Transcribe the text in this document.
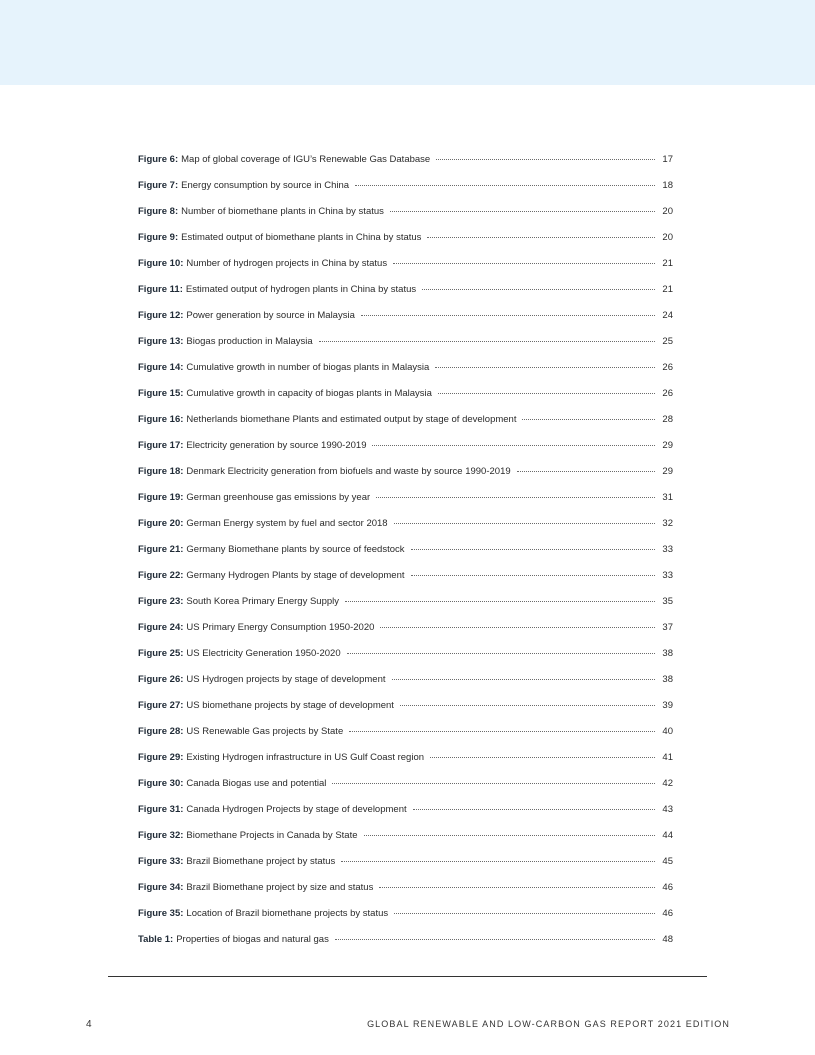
Figure 6: Map of global coverage of IGU’s Renewable Gas Database	17
Figure 7: Energy consumption by source in China	18
Figure 8: Number of biomethane plants in China by status	20
Figure 9: Estimated output of biomethane plants in China by status	20
Figure 10: Number of hydrogen projects in China by status	21
Figure 11: Estimated output of hydrogen plants in China by status	21
Figure 12: Power generation by source in Malaysia	24
Figure 13: Biogas production in Malaysia	25
Figure 14: Cumulative growth in number of biogas plants in Malaysia	26
Figure 15: Cumulative growth in capacity of biogas plants in Malaysia	26
Figure 16: Netherlands biomethane Plants and estimated output by stage of development	28
Figure 17: Electricity generation by source 1990-2019	29
Figure 18: Denmark Electricity generation from biofuels and waste by source 1990-2019	29
Figure 19: German greenhouse gas emissions by year	31
Figure 20: German Energy system by fuel and sector 2018	32
Figure 21: Germany Biomethane plants by source of feedstock	33
Figure 22: Germany Hydrogen Plants by stage of development	33
Figure 23: South Korea Primary Energy Supply	35
Figure 24: US Primary Energy Consumption 1950-2020	37
Figure 25: US Electricity Generation 1950-2020	38
Figure 26: US Hydrogen projects by stage of development	38
Figure 27: US biomethane projects by stage of development	39
Figure 28: US Renewable Gas projects by State	40
Figure 29: Existing Hydrogen infrastructure in US Gulf Coast region	41
Figure 30: Canada Biogas use and potential	42
Figure 31: Canada Hydrogen Projects by stage of development	43
Figure 32: Biomethane Projects in Canada by State	44
Figure 33: Brazil Biomethane project by status	45
Figure 34: Brazil Biomethane project by size and status	46
Figure 35: Location of Brazil biomethane projects by status	46
Table 1: Properties of biogas and natural gas	48
4	GLOBAL RENEWABLE AND LOW-CARBON GAS REPORT 2021 EDITION
